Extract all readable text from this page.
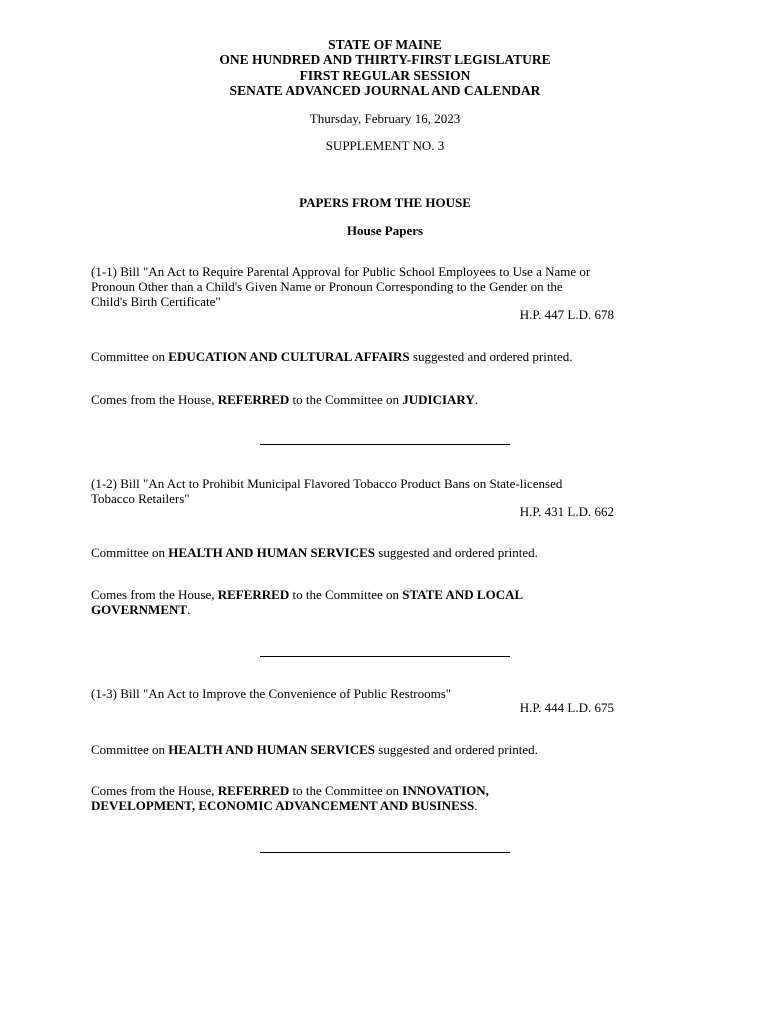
STATE OF MAINE
ONE HUNDRED AND THIRTY-FIRST LEGISLATURE
FIRST REGULAR SESSION
SENATE ADVANCED JOURNAL AND CALENDAR
Thursday, February 16, 2023
SUPPLEMENT NO. 3
PAPERS FROM THE HOUSE
House Papers
(1-1) Bill "An Act to Require Parental Approval for Public School Employees to Use a Name or
Pronoun Other than a Child's Given Name or Pronoun Corresponding to the Gender on the
Child's Birth Certificate"
H.P. 447 L.D. 678
Committee on EDUCATION AND CULTURAL AFFAIRS suggested and ordered printed.
Comes from the House, REFERRED to the Committee on JUDICIARY.
(1-2) Bill "An Act to Prohibit Municipal Flavored Tobacco Product Bans on State-licensed
Tobacco Retailers"
H.P. 431 L.D. 662
Committee on HEALTH AND HUMAN SERVICES suggested and ordered printed.
Comes from the House, REFERRED to the Committee on STATE AND LOCAL
GOVERNMENT.
(1-3) Bill "An Act to Improve the Convenience of Public Restrooms"
H.P. 444 L.D. 675
Committee on HEALTH AND HUMAN SERVICES suggested and ordered printed.
Comes from the House, REFERRED to the Committee on INNOVATION,
DEVELOPMENT, ECONOMIC ADVANCEMENT AND BUSINESS.
